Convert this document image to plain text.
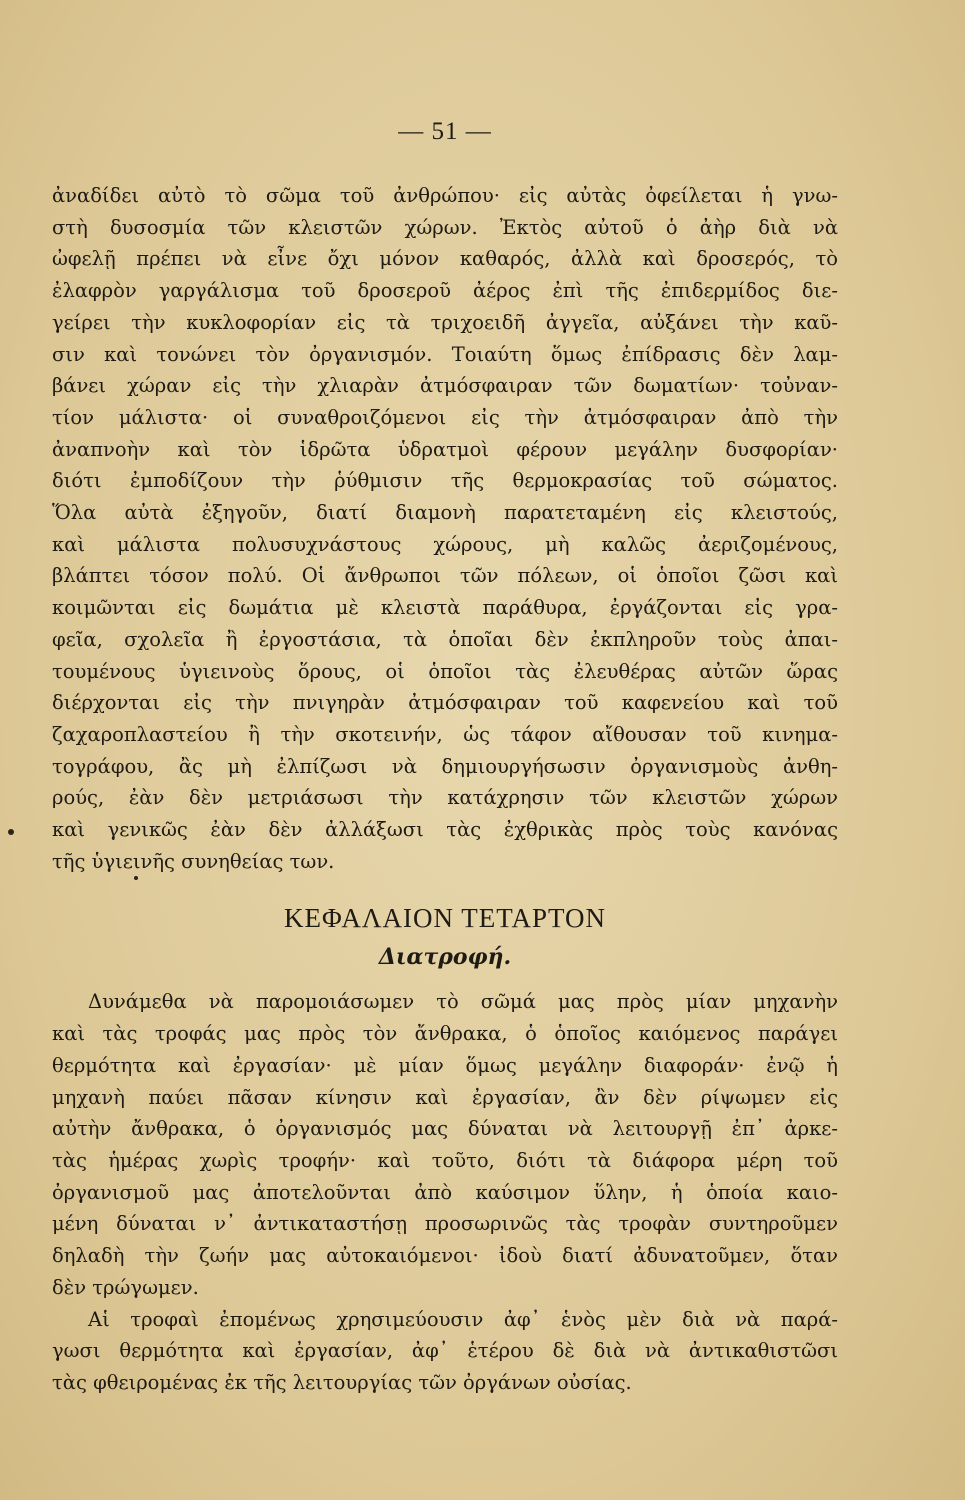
— 51 —

ἀναδίδει αὐτὸ τὸ σῶμα τοῦ ἀνθρώπου· εἰς αὐτὰς ὀφείλεται ἡ γνω-

στὴ δυσοσμία τῶν κλειστῶν χώρων. Ἐκτὸς αὐτοῦ ὁ ἀὴρ διὰ νὰ

ὠφελῇ πρέπει νὰ εἶνε ὄχι μόνον καθαρός, ἀλλὰ καὶ δροσερός, τὸ

ἐλαφρὸν γαργάλισμα τοῦ δροσεροῦ ἀέρος ἐπὶ τῆς ἐπιδερμίδος διε-

γείρει τὴν κυκλοφορίαν εἰς τὰ τριχοειδῆ ἀγγεῖα, αὐξάνει τὴν καῦ-

σιν καὶ τονώνει τὸν ὀργανισμόν. Τοιαύτη ὅμως ἐπίδρασις δὲν λαμ-

βάνει χώραν εἰς τὴν χλιαρὰν ἀτμόσφαιραν τῶν δωματίων· τοὐναν-

τίον μάλιστα· οἱ συναθροιζόμενοι εἰς τὴν ἀτμόσφαιραν ἀπὸ τὴν

ἀναπνοὴν καὶ τὸν ἱδρῶτα ὑδρατμοὶ φέρουν μεγάλην δυσφορίαν·

διότι ἐμποδίζουν τὴν ῥύθμισιν τῆς θερμοκρασίας τοῦ σώματος.

Ὅλα αὐτὰ ἐξηγοῦν, διατί διαμονὴ παρατεταμένη εἰς κλειστούς,

καὶ μάλιστα πολυσυχνάστους χώρους, μὴ καλῶς ἀεριζομένους,

βλάπτει τόσον πολύ. Οἱ ἄνθρωποι τῶν πόλεων, οἱ ὁποῖοι ζῶσι καὶ

κοιμῶνται εἰς δωμάτια μὲ κλειστὰ παράθυρα, ἐργάζονται εἰς γρα-

φεῖα, σχολεῖα ἢ ἐργοστάσια, τὰ ὁποῖαι δὲν ἐκπληροῦν τοὺς ἀπαι-

τουμένους ὑγιεινοὺς ὅρους, οἱ ὁποῖοι τὰς ἐλευθέρας αὐτῶν ὥρας

διέρχονται εἰς τὴν πνιγηρὰν ἀτμόσφαιραν τοῦ καφενείου καὶ τοῦ

ζαχαροπλαστείου ἢ τὴν σκοτεινήν, ὡς τάφον αἴθουσαν τοῦ κινημα-

τογράφου, ἂς μὴ ἐλπίζωσι νὰ δημιουργήσωσιν ὀργανισμοὺς ἀνθη-

ρούς, ἐὰν δὲν μετριάσωσι τὴν κατάχρησιν τῶν κλειστῶν χώρων

καὶ γενικῶς ἐὰν δὲν ἀλλάξωσι τὰς ἐχθρικὰς πρὸς τοὺς κανόνας

τῆς ὑγιεινῆς συνηθείας των.

ΚΕΦΑΛΑΙΟΝ ΤΕΤΑΡΤΟΝ
Διατροφή.

Δυνάμεθα νὰ παρομοιάσωμεν τὸ σῶμά μας πρὸς μίαν μηχανὴν

καὶ τὰς τροφάς μας πρὸς τὸν ἄνθρακα, ὁ ὁποῖος καιόμενος παράγει

θερμότητα καὶ ἐργασίαν· μὲ μίαν ὅμως μεγάλην διαφοράν· ἐνῷ ἡ

μηχανὴ παύει πᾶσαν κίνησιν καὶ ἐργασίαν, ἂν δὲν ρίψωμεν εἰς

αὐτὴν ἄνθρακα, ὁ ὀργανισμός μας δύναται νὰ λειτουργῇ ἐπ᾽ ἀρκε-

τὰς ἡμέρας χωρὶς τροφήν· καὶ τοῦτο, διότι τὰ διάφορα μέρη τοῦ

ὀργανισμοῦ μας ἀποτελοῦνται ἀπὸ καύσιμον ὕλην, ἡ ὁποία καιο-

μένη δύναται ν᾽ ἀντικαταστήσῃ προσωρινῶς τὰς τροφὰν συντηροῦμεν

δηλαδὴ τὴν ζωήν μας αὐτοκαιόμενοι· ἰδοὺ διατί ἀδυνατοῦμεν, ὅταν

δὲν τρώγωμεν.

Αἱ τροφαὶ ἐπομένως χρησιμεύουσιν ἀφ᾽ ἑνὸς μὲν διὰ νὰ παρά-

γωσι θερμότητα καὶ ἐργασίαν, ἀφ᾽ ἑτέρου δὲ διὰ νὰ ἀντικαθιστῶσι

τὰς φθειρομένας ἐκ τῆς λειτουργίας τῶν ὀργάνων οὐσίας.
